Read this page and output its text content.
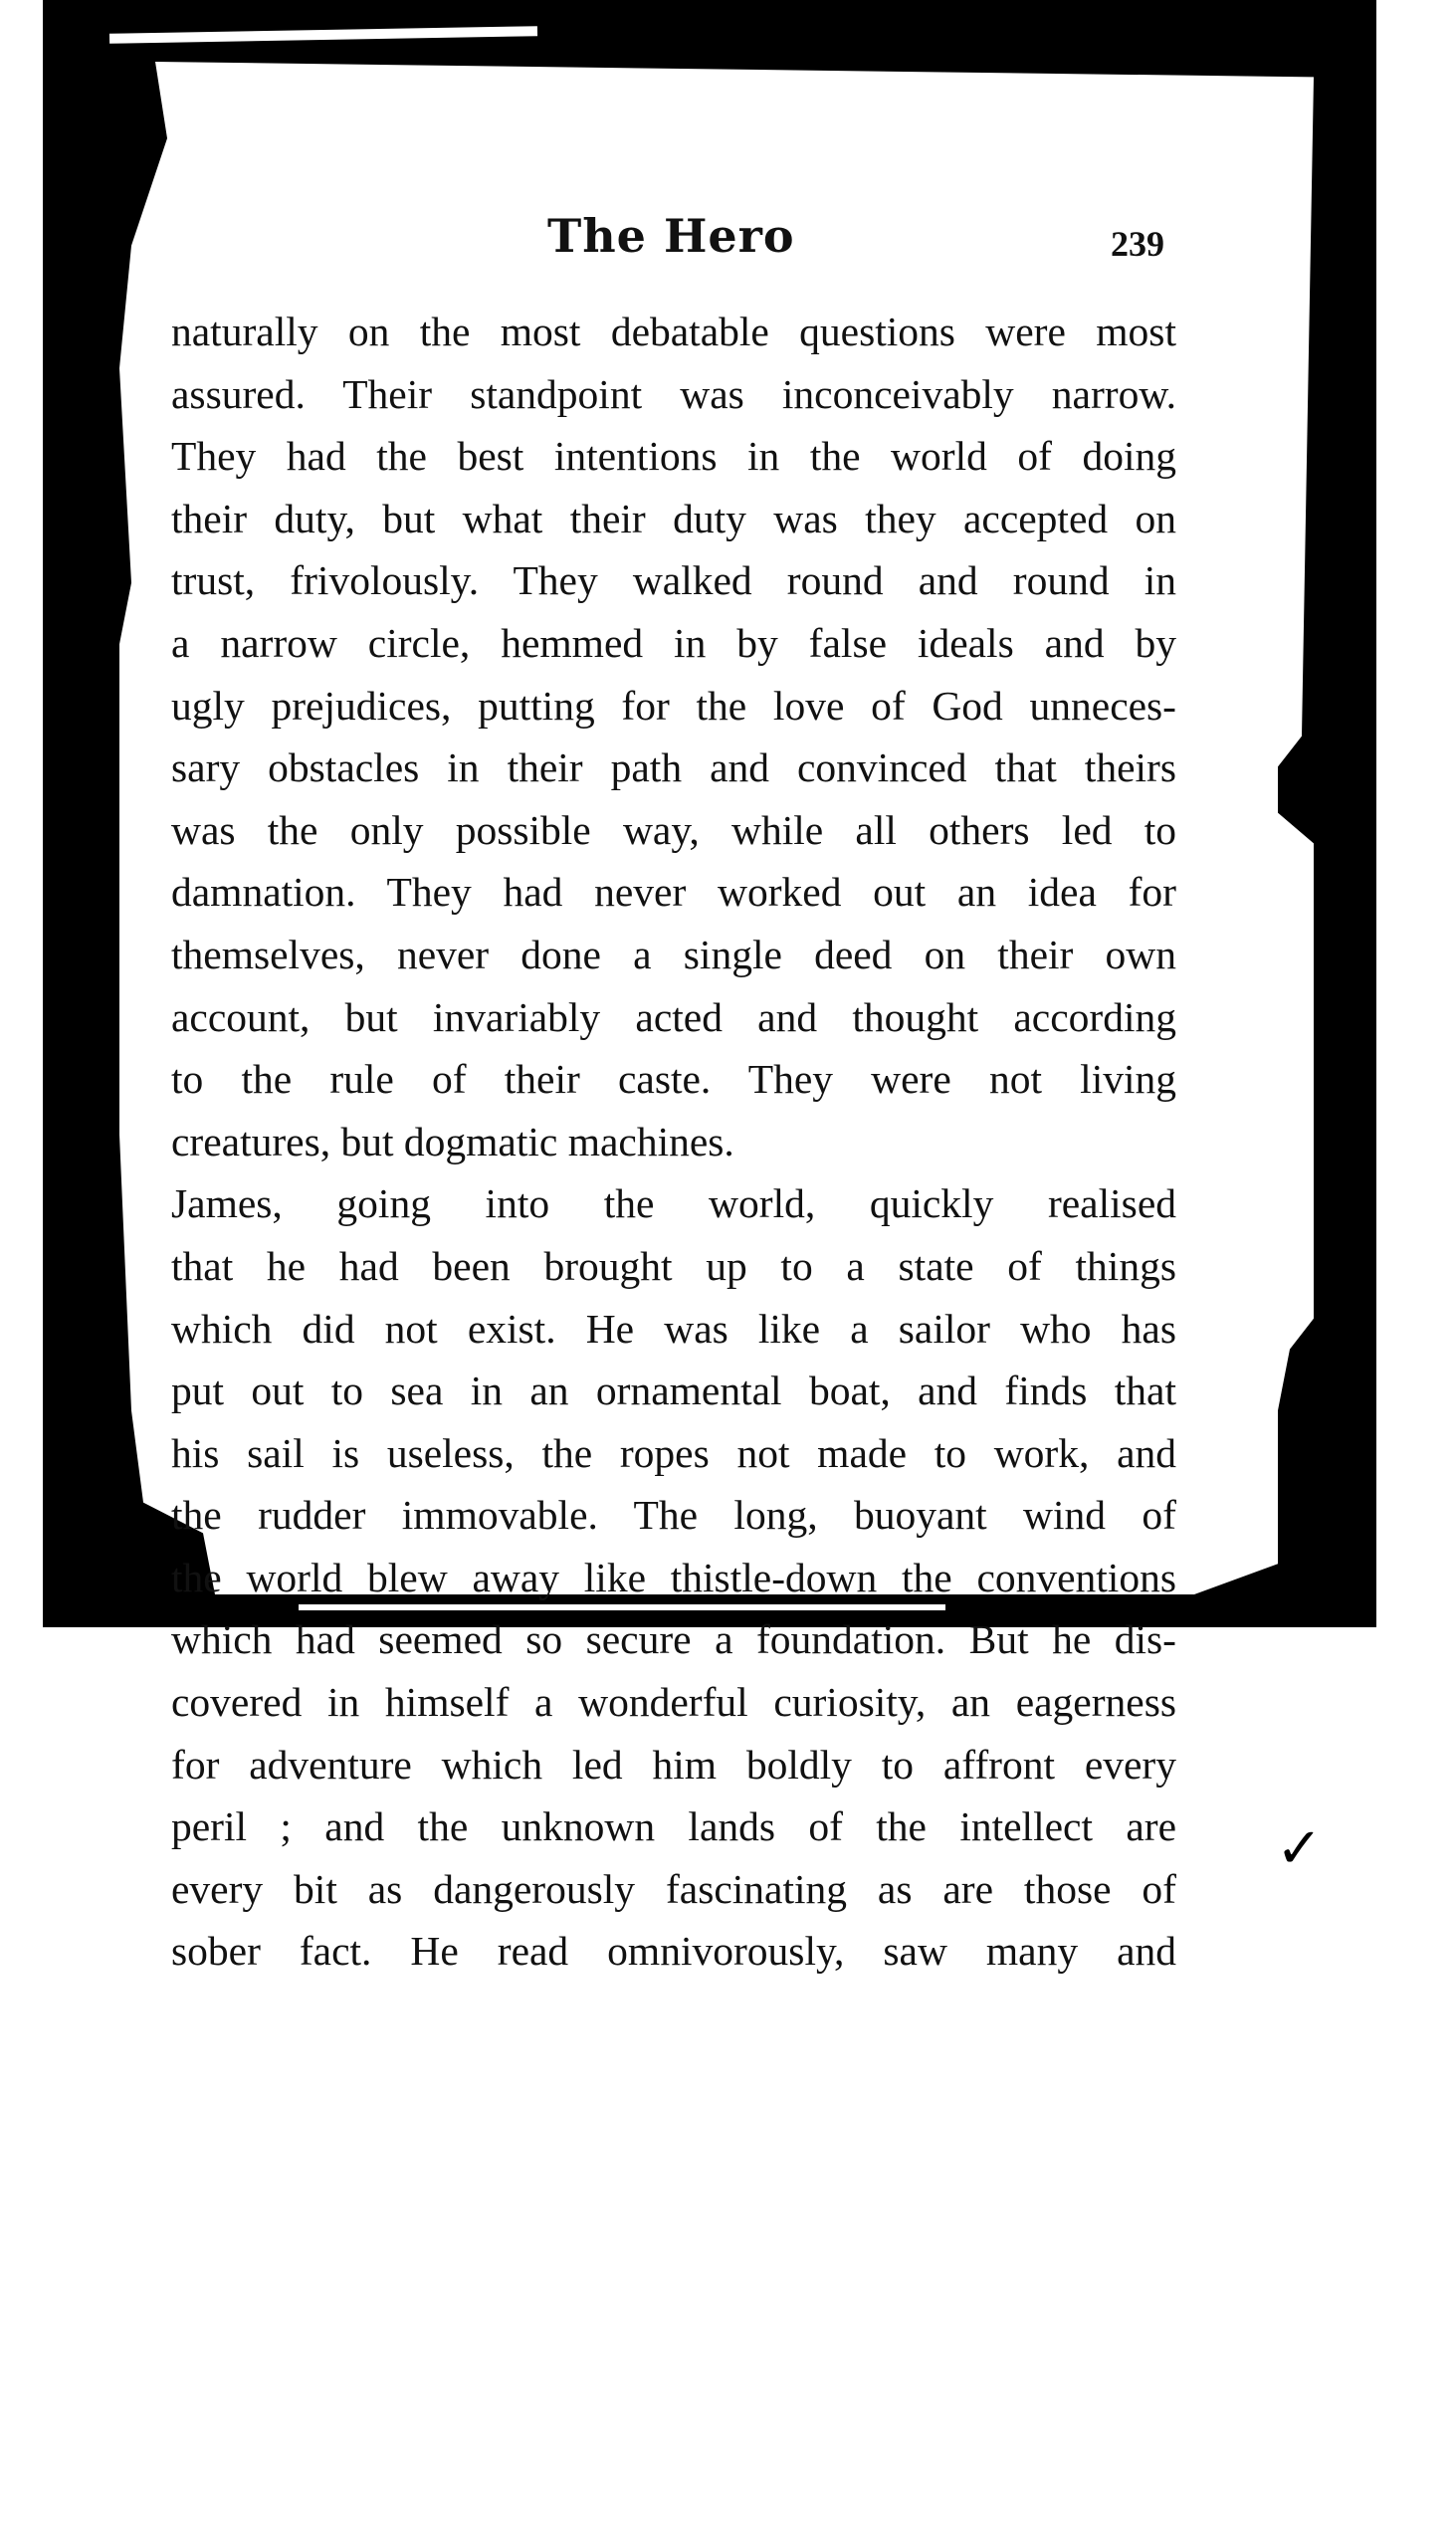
The Hero	239

naturally on the most debatable questions were most
assured. Their standpoint was inconceivably narrow.
They had the best intentions in the world of doing
their duty, but what their duty was they accepted on
trust, frivolously. They walked round and round in
a narrow circle, hemmed in by false ideals and by
ugly prejudices, putting for the love of God unneces-
sary obstacles in their path and convinced that theirs
was the only possible way, while all others led to
damnation. They had never worked out an idea for
themselves, never done a single deed on their own
account, but invariably acted and thought according
to the rule of their caste. They were not living
creatures, but dogmatic machines.

James, going into the world, quickly realised
that he had been brought up to a state of things
which did not exist. He was like a sailor who has
put out to sea in an ornamental boat, and finds that
his sail is useless, the ropes not made to work, and
the rudder immovable. The long, buoyant wind of
the world blew away like thistle-down the conventions
which had seemed so secure a foundation. But he dis-
covered in himself a wonderful curiosity, an eagerness
for adventure which led him boldly to affront every
peril ; and the unknown lands of the intellect are
every bit as dangerously fascinating as are those of
sober fact. He read omnivorously, saw many and

✓
